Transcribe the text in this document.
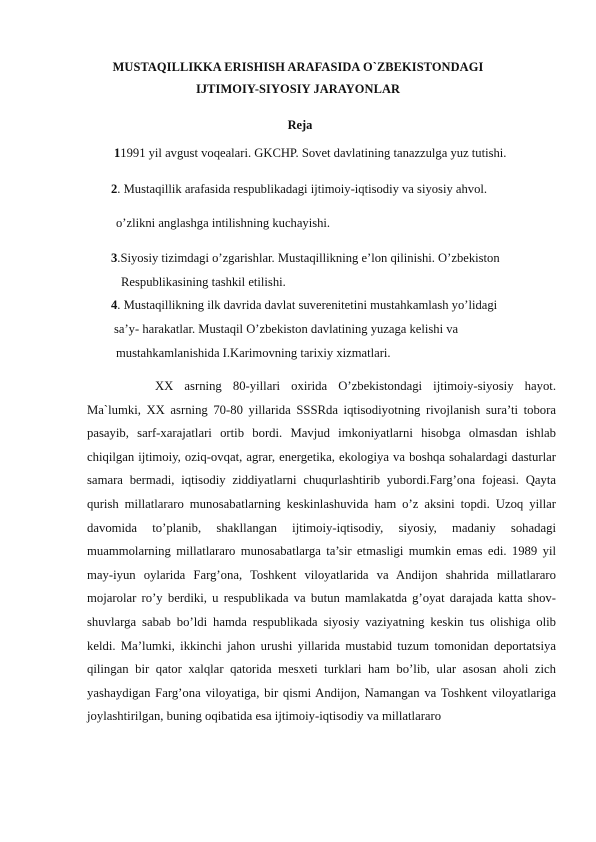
MUSTAQILLIKKA ERISHISH ARAFASIDA O`ZBEKISTONDAGI
IJTIMOIY-SIYOSIY JARAYONLAR
Reja
11991 yil avgust voqealari. GKCHP. Sovet davlatining tanazzulga yuz tutishi.
2. Mustaqillik arafasida respublikadagi ijtimoiy-iqtisodiy va siyosiy ahvol.
o’zlikni anglashga intilishning kuchayishi.
3.Siyosiy tizimdagi o’zgarishlar. Mustaqillikning e’lon qilinishi. O’zbekiston
Respublikasining tashkil etilishi.
4. Mustaqillikning ilk davrida davlat suverenitetini mustahkamlash yo’lidagi
sa’y- harakatlar. Mustaqil O’zbekiston davlatining yuzaga kelishi va
mustahkamlanishida I.Karimovning tarixiy xizmatlari.

XX asrning 80-yillari oxirida O’zbekistondagi ijtimoiy-siyosiy hayot. Ma`lumki, XX asrning 70-80 yillarida SSSRda iqtisodiyotning rivojlanish sura’ti tobora pasayib, sarf-xarajatlari ortib bordi. Mavjud imkoniyatlarni hisobga olmasdan ishlab chiqilgan ijtimoiy, oziq-ovqat, agrar, energetika, ekologiya va boshqa sohalardagi dasturlar samara bermadi, iqtisodiy ziddiyatlarni chuqurlashtirib yubordi.Farg’ona fojeasi. Qayta qurish millatlararo munosabatlarning keskinlashuvida ham o’z aksini topdi. Uzoq yillar davomida to’planib, shakllangan ijtimoiy-iqtisodiy, siyosiy, madaniy sohadagi muammolarning millatlararo munosabatlarga ta’sir etmasligi mumkin emas edi. 1989 yil may-iyun oylarida Farg’ona, Toshkent viloyatlarida va Andijon shahrida millatlararo mojarolar ro’y berdiki, u respublikada va butun mamlakatda g’oyat darajada katta shov-shuvlarga sabab bo’ldi hamda respublikada siyosiy vaziyatning keskin tus olishiga olib keldi. Ma’lumki, ikkinchi jahon urushi yillarida mustabid tuzum tomonidan deportatsiya qilingan bir qator xalqlar qatorida mesxeti turklari ham bo’lib, ular asosan aholi zich yashaydigan Farg’ona viloyatiga, bir qismi Andijon, Namangan va Toshkent viloyatlariga joylashtirilgan, buning oqibatida esa ijtimoiy-iqtisodiy va millatlararo
